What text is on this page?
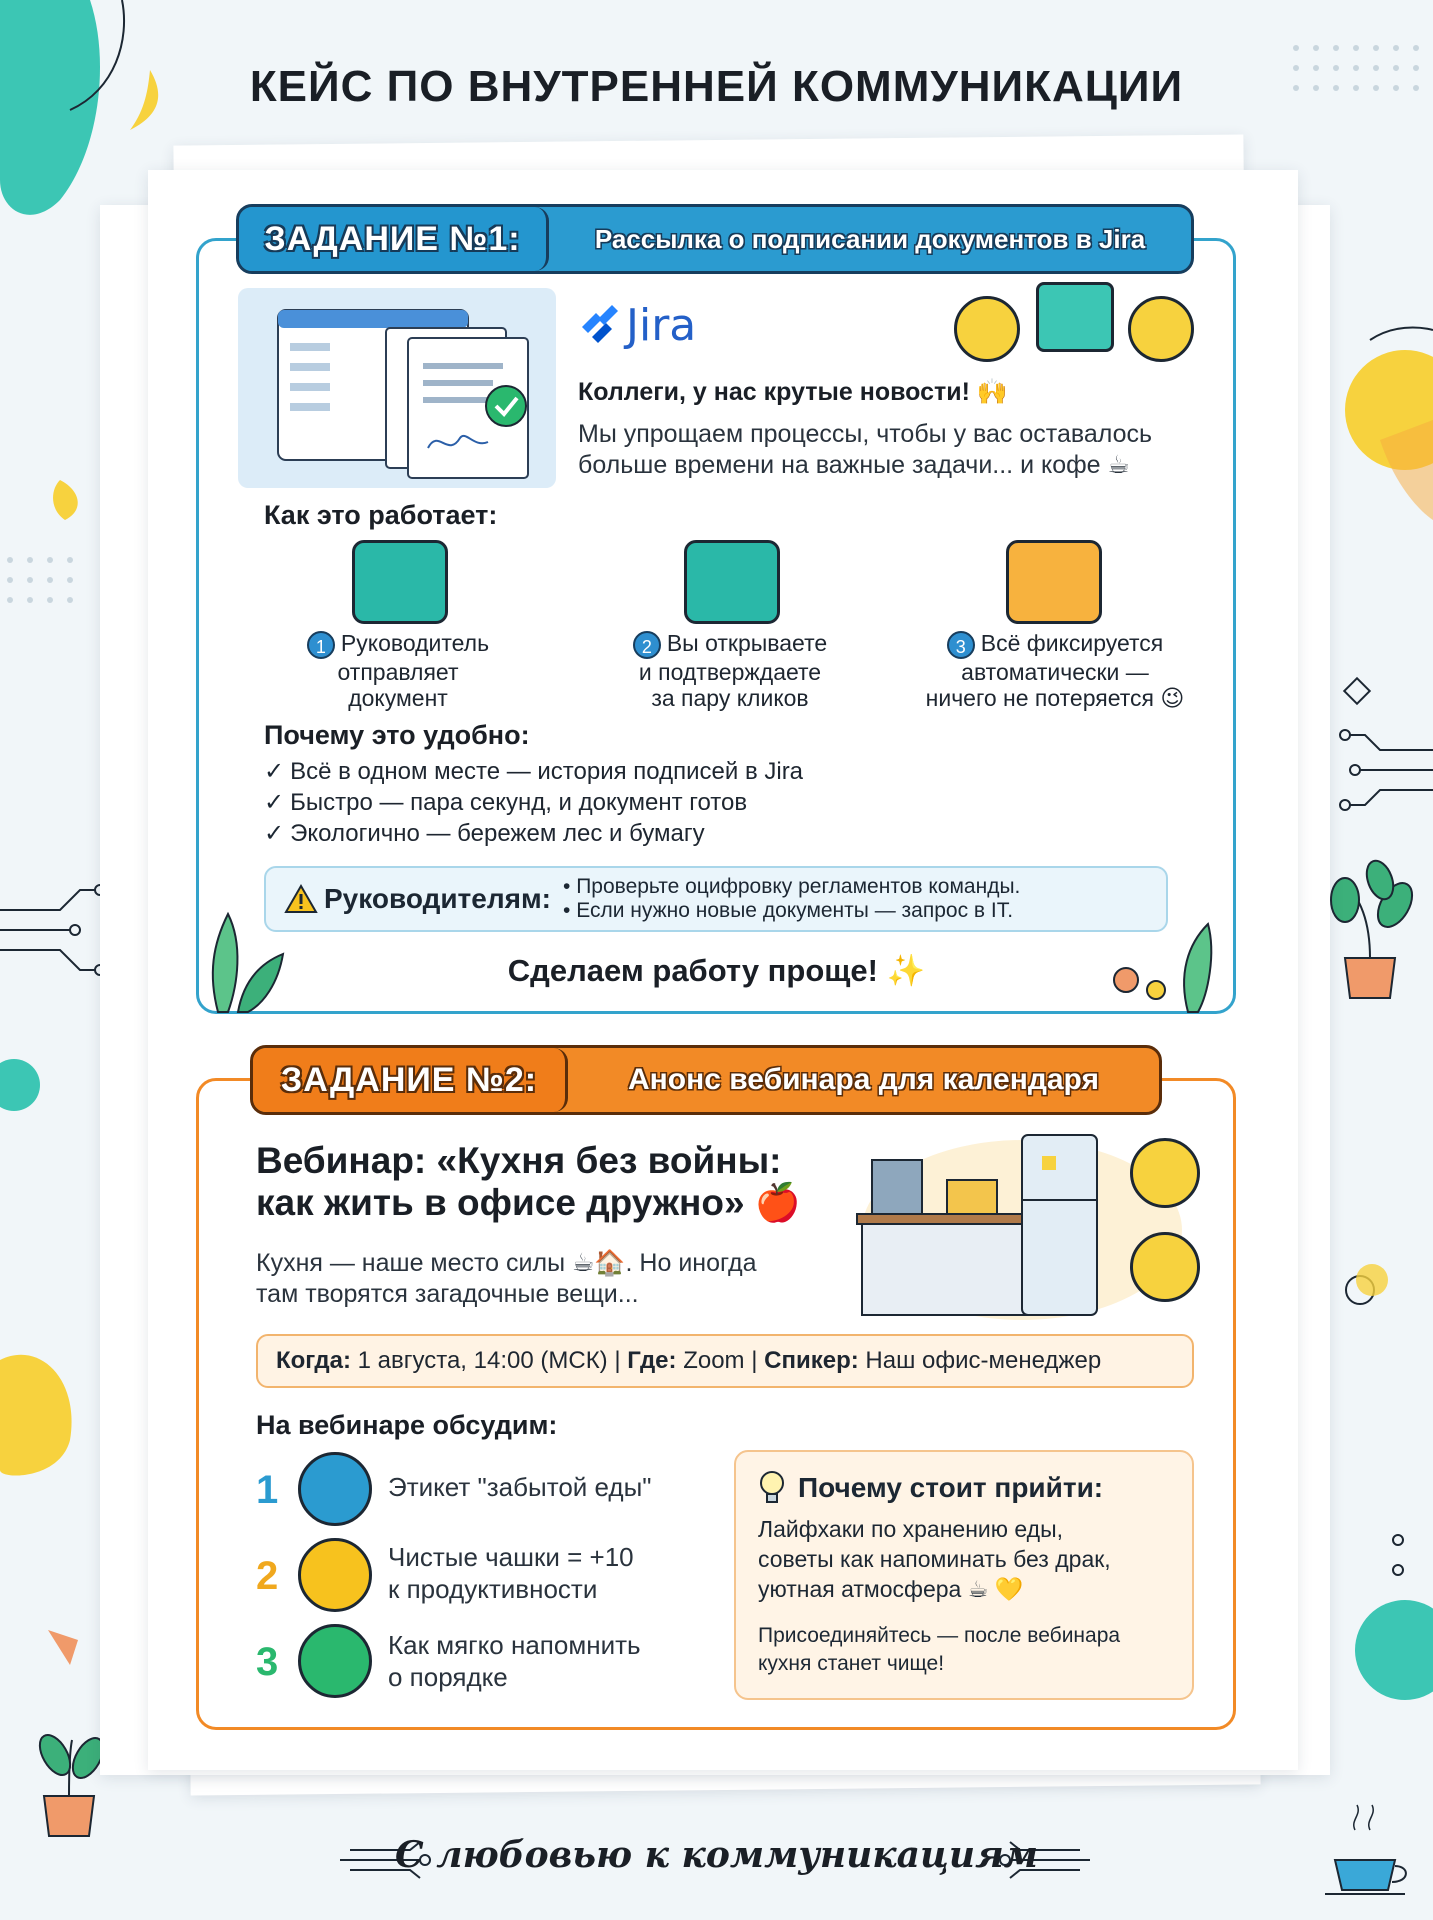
КЕЙС ПО ВНУТРЕННЕЙ КОММУНИКАЦИИ
ЗАДАНИЕ №1:	Рассылка о подписании документов в Jira
Jira
Коллеги, у нас крутые новости! 🙌
Мы упрощаем процессы, чтобы у вас оставалось
больше времени на важные задачи... и кофе ☕
Как это работает:
1 Руководитель
отправляет
документ
2 Вы открываете
и подтверждаете
за пару кликов
3 Всё фиксируется
автоматически —
ничего не потеряется 😉
Почему это удобно:
✓ Всё в одном месте — история подписей в Jira
✓ Быстро — пара секунд, и документ готов
✓ Экологично — бережем лес и бумагу
Руководителям: • Проверьте оцифровку регламентов команды.
• Если нужно новые документы — запрос в IT.
Сделаем работу проще! ✨
ЗАДАНИЕ №2:	Анонс вебинара для календаря
Вебинар: «Кухня без войны:
как жить в офисе дружно» 🍎
Кухня — наше место силы ☕🏠. Но иногда
там творятся загадочные вещи...
Когда:
1 августа, 14:00 (МСК)
|
Где:
Zoom
|
Спикер:
Наш офис-менеджер
На вебинаре обсудим:
1	Этикет "забытой еды"
2	Чистые чашки = +10
к продуктивности
3	Как мягко напомнить
о порядке
Почему стоит прийти:
Лайфхаки по хранению еды,
советы как напоминать без драк,
уютная атмосфера ☕ 💛
Присоединяйтесь — после вебинара
кухня станет чище!
С любовью к коммуникациям
